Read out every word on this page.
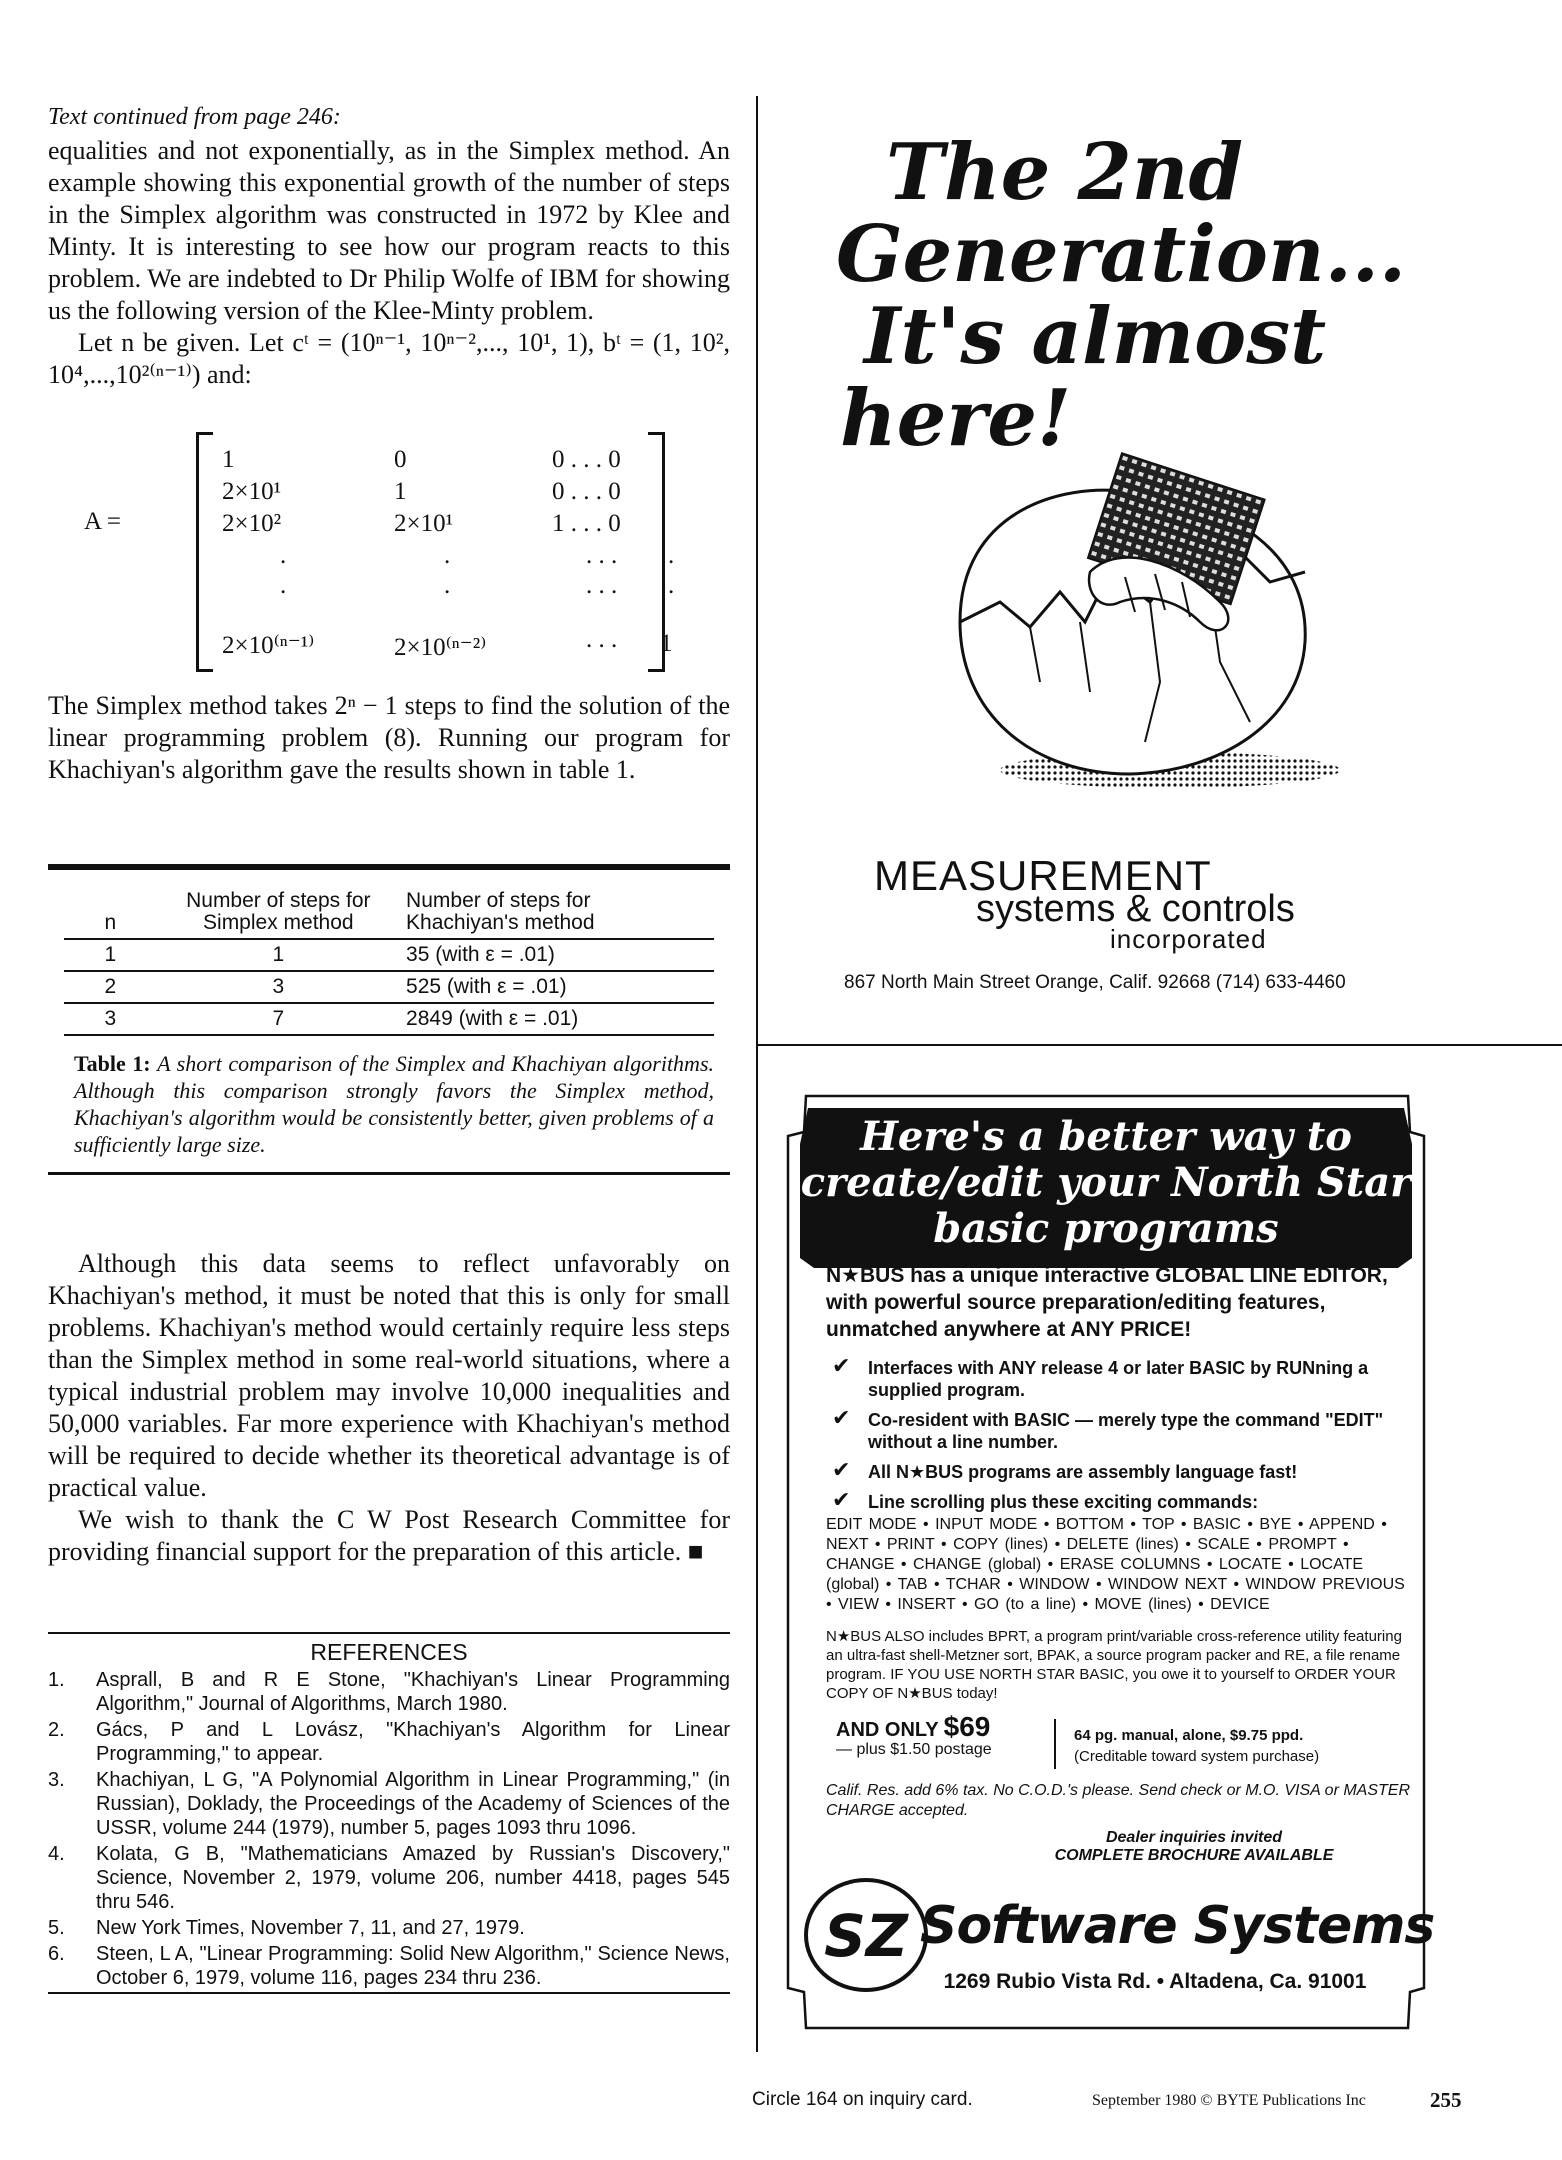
Text continued from page 246:

equalities and not exponentially, as in the Simplex method. An example showing this exponential growth of the number of steps in the Simplex algorithm was constructed in 1972 by Klee and Minty. It is interesting to see how our program reacts to this problem. We are indebted to Dr Philip Wolfe of IBM for showing us the following version of the Klee-Minty problem.

Let n be given. Let cᵗ = (10ⁿ⁻¹, 10ⁿ⁻²,..., 10¹, 1), bᵗ = (1, 10², 10⁴,...,10²⁽ⁿ⁻¹⁾) and:

A =
1	0	0 . . . 0
2×10¹	1	0 . . . 0
2×10²	2×10¹	1 . . . 0
.	.	. . . .
.	.	. . . .
2×10⁽ⁿ⁻¹⁾	2×10⁽ⁿ⁻²⁾	. . . 1

The Simplex method takes 2ⁿ − 1 steps to find the solution of the linear programming problem (8). Running our program for Khachiyan's algorithm gave the results shown in table 1.

n	Number of steps for Simplex method	Number of steps for Khachiyan's method
1	1	35 (with ε = .01)
2	3	525 (with ε = .01)
3	7	2849 (with ε = .01)

Table 1: A short comparison of the Simplex and Khachiyan algorithms. Although this comparison strongly favors the Simplex method, Khachiyan's algorithm would be consistently better, given problems of a sufficiently large size.

Although this data seems to reflect unfavorably on Khachiyan's method, it must be noted that this is only for small problems. Khachiyan's method would certainly require less steps than the Simplex method in some real-world situations, where a typical industrial problem may involve 10,000 inequalities and 50,000 variables. Far more experience with Khachiyan's method will be required to decide whether its theoretical advantage is of practical value.

We wish to thank the C W Post Research Committee for providing financial support for the preparation of this article. ■

REFERENCES
1. Asprall, B and R E Stone, "Khachiyan's Linear Programming Algorithm," Journal of Algorithms, March 1980.
2. Gács, P and L Lovász, "Khachiyan's Algorithm for Linear Programming," to appear.
3. Khachiyan, L G, "A Polynomial Algorithm in Linear Programming," (in Russian), Doklady, the Proceedings of the Academy of Sciences of the USSR, volume 244 (1979), number 5, pages 1093 thru 1096.
4. Kolata, G B, "Mathematicians Amazed by Russian's Discovery," Science, November 2, 1979, volume 206, number 4418, pages 545 thru 546.
5. New York Times, November 7, 11, and 27, 1979.
6. Steen, L A, "Linear Programming: Solid New Algorithm," Science News, October 6, 1979, volume 116, pages 234 thru 236.
The 2nd
Generation...
It's almost
here!
MEASUREMENT
systems & controls
incorporated
867 North Main Street Orange, Calif. 92668 (714) 633-4460
Here's a better way to
create/edit your North Star
basic programs
N★BUS has a unique interactive GLOBAL LINE EDITOR, with powerful source preparation/editing features, unmatched anywhere at ANY PRICE!
✔ Interfaces with ANY release 4 or later BASIC by RUNning a supplied program.
✔ Co-resident with BASIC — merely type the command "EDIT" without a line number.
✔ All N★BUS programs are assembly language fast!
✔ Line scrolling plus these exciting commands:
EDIT MODE • INPUT MODE • BOTTOM • TOP • BASIC • BYE • APPEND • NEXT • PRINT • COPY (lines) • DELETE (lines) • SCALE • PROMPT • CHANGE • CHANGE (global) • ERASE COLUMNS • LOCATE • LOCATE (global) • TAB • TCHAR • WINDOW • WINDOW NEXT • WINDOW PREVIOUS • VIEW • INSERT • GO (to a line) • MOVE (lines) • DEVICE
N★BUS ALSO includes BPRT, a program print/variable cross-reference utility featuring an ultra-fast shell-Metzner sort, BPAK, a source program packer and RE, a file rename program. IF YOU USE NORTH STAR BASIC, you owe it to yourself to ORDER YOUR COPY OF N★BUS today!
AND ONLY $69
— plus $1.50 postage
64 pg. manual, alone, $9.75 ppd.
(Creditable toward system purchase)
Calif. Res. add 6% tax. No C.O.D.'s please. Send check or M.O. VISA or MASTER CHARGE accepted.
Dealer inquiries invited
COMPLETE BROCHURE AVAILABLE
SZ Software Systems
1269 Rubio Vista Rd. • Altadena, Ca. 91001
Circle 164 on inquiry card.	September 1980 © BYTE Publications Inc	255
